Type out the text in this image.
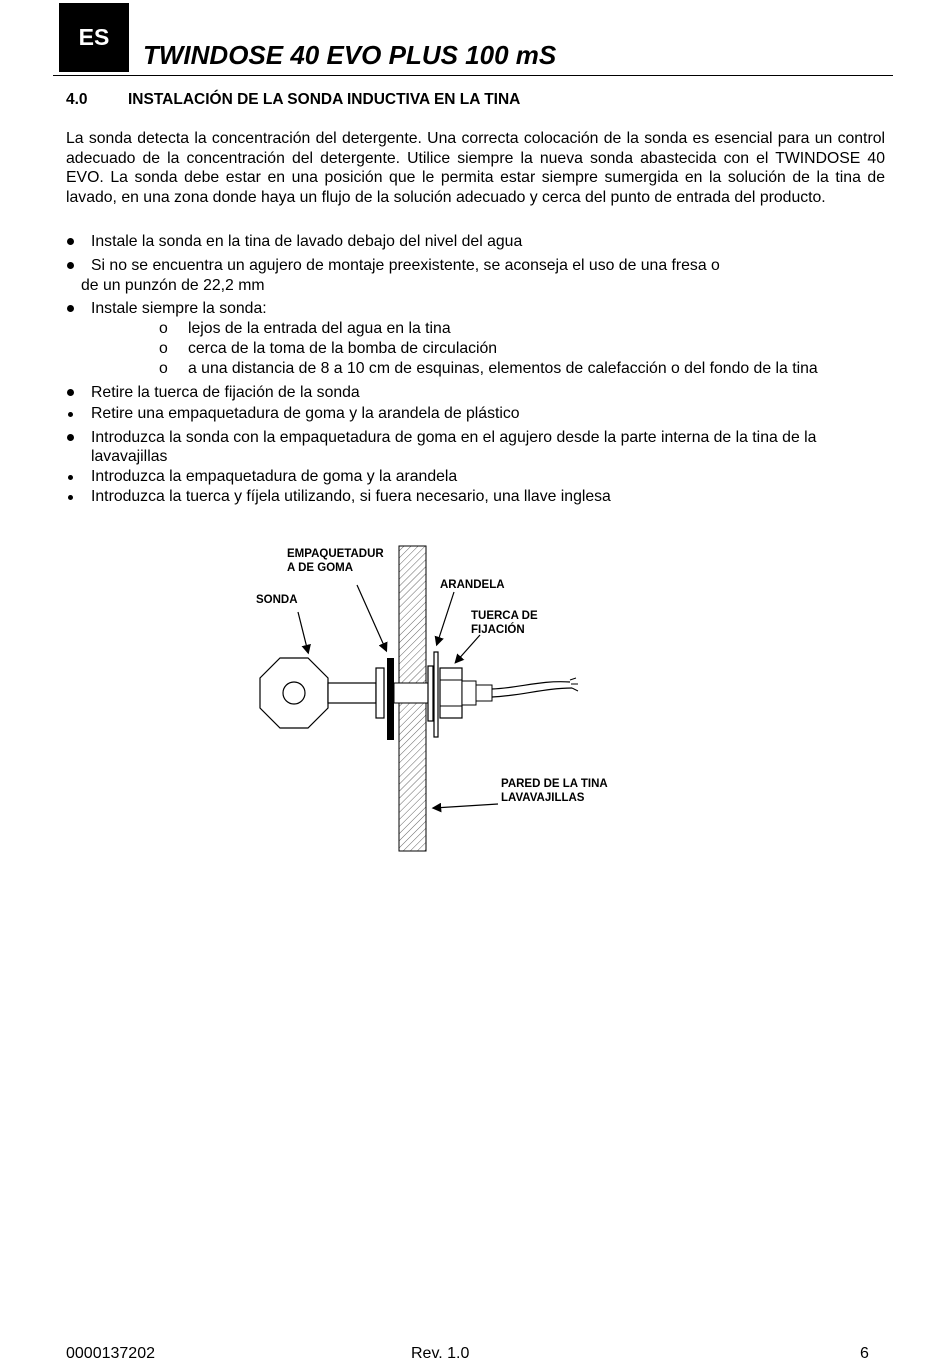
ES
TWINDOSE 40 EVO PLUS 100 mS
4.0	INSTALACIÓN DE LA SONDA INDUCTIVA EN LA TINA
La sonda detecta la concentración del detergente. Una correcta colocación de la sonda es esencial para un control adecuado de la concentración del detergente. Utilice siempre la nueva sonda abastecida con el TWINDOSE 40 EVO. La sonda debe estar en una posición que le permita estar siempre sumergida en la solución de la tina de lavado, en una zona donde haya un flujo de la solución adecuado y cerca del punto de entrada del producto.
Instale la sonda en la tina de lavado debajo del nivel del agua
Si no se encuentra un agujero de montaje preexistente, se aconseja el uso de una fresa o
de un punzón de 22,2 mm
Instale siempre la sonda:
o lejos de la entrada del agua en la tina
o cerca de la toma de la bomba de circulación
o a una distancia de 8 a 10 cm de esquinas, elementos de calefacción o del fondo de la tina
Retire la tuerca de fijación de la sonda
Retire una empaquetadura de goma y la arandela de plástico
Introduzca la sonda con la empaquetadura de goma en el agujero desde la parte interna de la tina de la lavavajillas
Introduzca la empaquetadura de goma y la arandela
Introduzca la tuerca y fíjela utilizando, si fuera necesario, una llave inglesa
EMPAQUETADUR
A DE GOMA
SONDA
ARANDELA
TUERCA DE
FIJACIÓN
PARED DE LA TINA
LAVAVAJILLAS
0000137202	Rev. 1.0	6
